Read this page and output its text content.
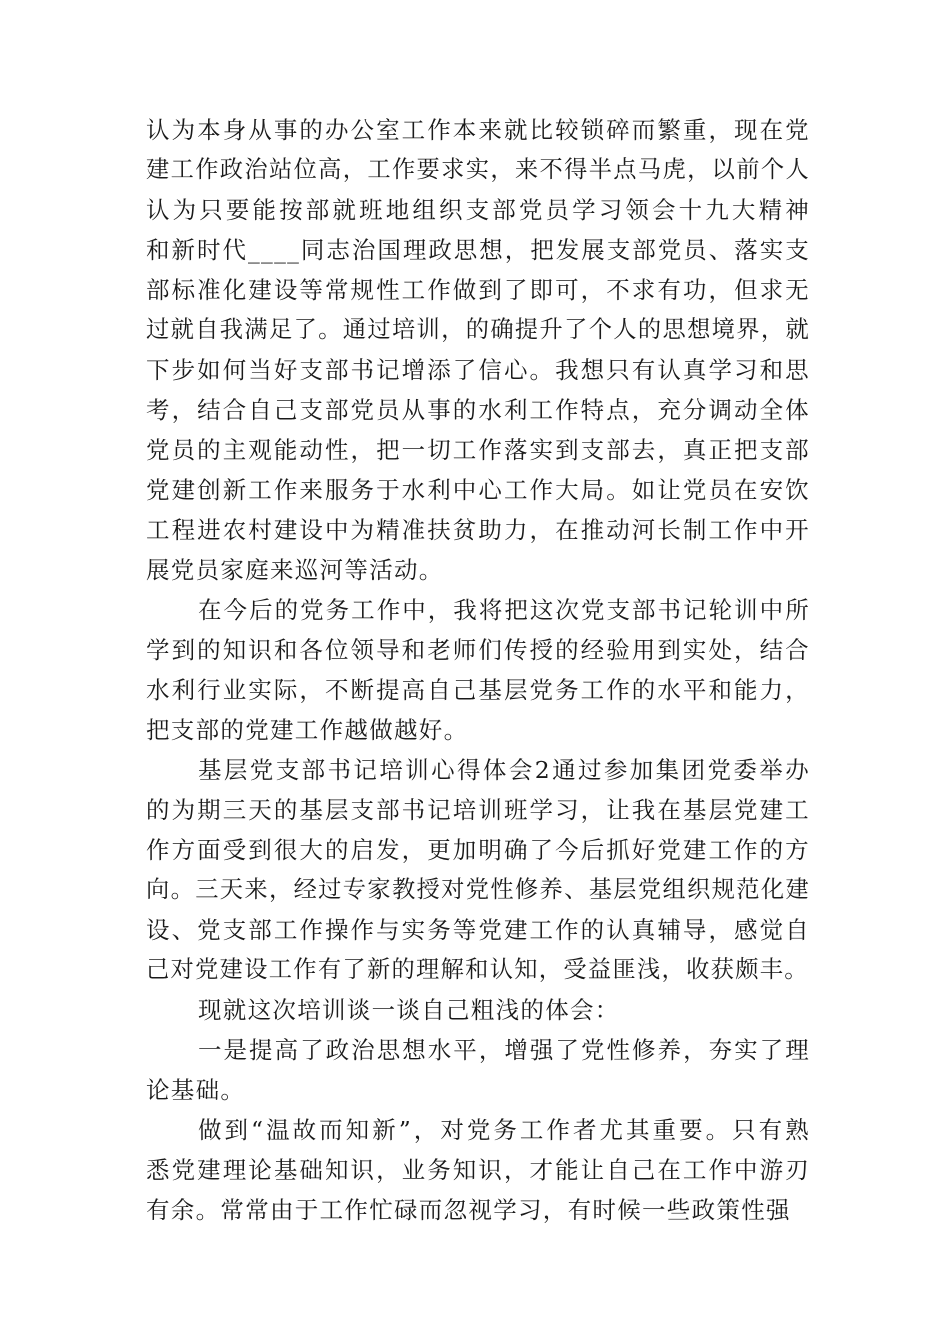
认为本身从事的办公室工作本来就比较锁碎而繁重，现在党
建工作政治站位高，工作要求实，来不得半点马虎，以前个人
认为只要能按部就班地组织支部党员学习领会十九大精神
和新时代____同志治国理政思想，把发展支部党员、落实支
部标准化建设等常规性工作做到了即可，不求有功，但求无
过就自我满足了。通过培训，的确提升了个人的思想境界，就
下步如何当好支部书记增添了信心。我想只有认真学习和思
考，结合自己支部党员从事的水利工作特点，充分调动全体
党员的主观能动性，把一切工作落实到支部去，真正把支部
党建创新工作来服务于水利中心工作大局。如让党员在安饮
工程进农村建设中为精准扶贫助力，在推动河长制工作中开
展党员家庭来巡河等活动。
在今后的党务工作中，我将把这次党支部书记轮训中所
学到的知识和各位领导和老师们传授的经验用到实处，结合
水利行业实际，不断提高自己基层党务工作的水平和能力，
把支部的党建工作越做越好。
基层党支部书记培训心得体会2通过参加集团党委举办
的为期三天的基层支部书记培训班学习，让我在基层党建工
作方面受到很大的启发，更加明确了今后抓好党建工作的方
向。三天来，经过专家教授对党性修养、基层党组织规范化建
设、党支部工作操作与实务等党建工作的认真辅导，感觉自
己对党建设工作有了新的理解和认知，受益匪浅，收获颇丰。
现就这次培训谈一谈自己粗浅的体会：
一是提高了政治思想水平，增强了党性修养，夯实了理
论基础。
做到“温故而知新”，对党务工作者尤其重要。只有熟
悉党建理论基础知识，业务知识，才能让自己在工作中游刃
有余。常常由于工作忙碌而忽视学习，有时候一些政策性强
